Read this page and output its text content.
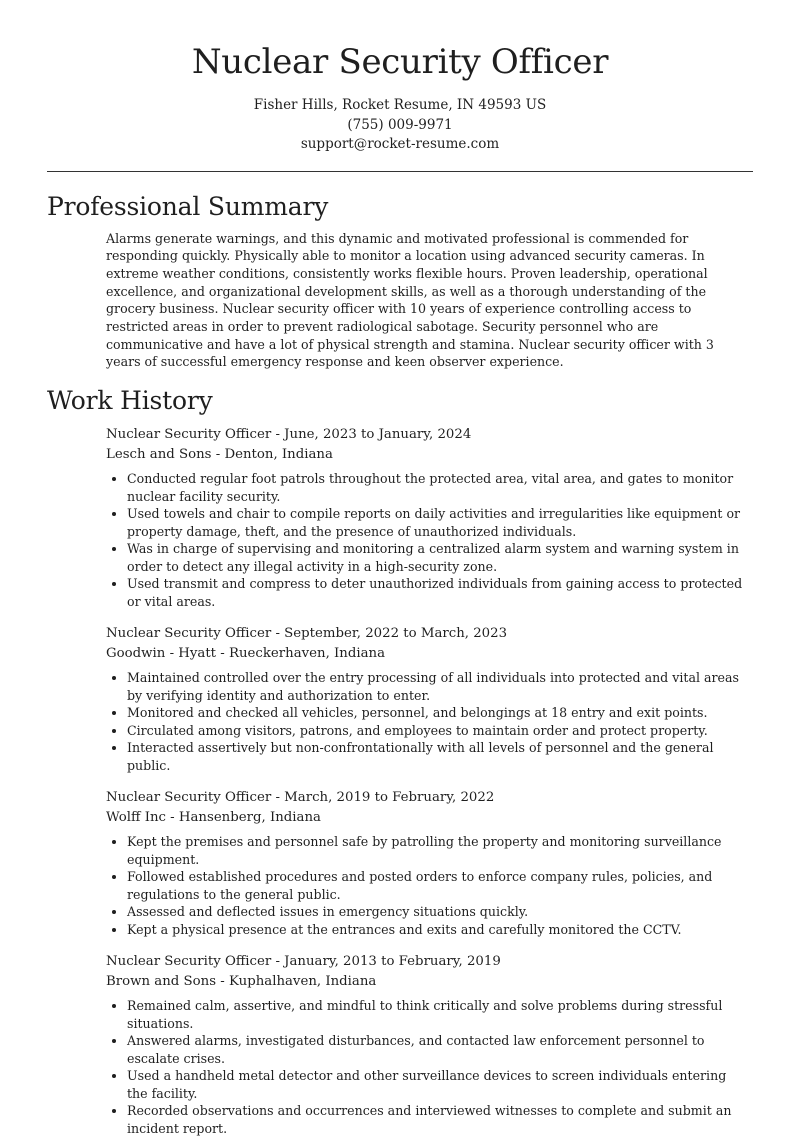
Nuclear Security Officer
Fisher Hills, Rocket Resume, IN 49593 US
(755) 009-9971
support@rocket-resume.com
Professional Summary

Alarms generate warnings, and this dynamic and motivated professional is commended for responding quickly. Physically able to monitor a location using advanced security cameras. In extreme weather conditions, consistently works flexible hours. Proven leadership, operational excellence, and organizational development skills, as well as a thorough understanding of the grocery business. Nuclear security officer with 10 years of experience controlling access to restricted areas in order to prevent radiological sabotage. Security personnel who are communicative and have a lot of physical strength and stamina. Nuclear security officer with 3 years of successful emergency response and keen observer experience.

Work History
Nuclear Security Officer - June, 2023 to January, 2024
Lesch and Sons - Denton, Indiana
• Conducted regular foot patrols throughout the protected area, vital area, and gates to monitor nuclear facility security.
• Used towels and chair to compile reports on daily activities and irregularities like equipment or property damage, theft, and the presence of unauthorized individuals.
• Was in charge of supervising and monitoring a centralized alarm system and warning system in order to detect any illegal activity in a high-security zone.
• Used transmit and compress to deter unauthorized individuals from gaining access to protected or vital areas.
Nuclear Security Officer - September, 2022 to March, 2023
Goodwin - Hyatt - Rueckerhaven, Indiana
• Maintained controlled over the entry processing of all individuals into protected and vital areas by verifying identity and authorization to enter.
• Monitored and checked all vehicles, personnel, and belongings at 18 entry and exit points.
• Circulated among visitors, patrons, and employees to maintain order and protect property.
• Interacted assertively but non-confrontationally with all levels of personnel and the general public.
Nuclear Security Officer - March, 2019 to February, 2022
Wolff Inc - Hansenberg, Indiana
• Kept the premises and personnel safe by patrolling the property and monitoring surveillance equipment.
• Followed established procedures and posted orders to enforce company rules, policies, and regulations to the general public.
• Assessed and deflected issues in emergency situations quickly.
• Kept a physical presence at the entrances and exits and carefully monitored the CCTV.
Nuclear Security Officer - January, 2013 to February, 2019
Brown and Sons - Kuphalhaven, Indiana
• Remained calm, assertive, and mindful to think critically and solve problems during stressful situations.
• Answered alarms, investigated disturbances, and contacted law enforcement personnel to escalate crises.
• Used a handheld metal detector and other surveillance devices to screen individuals entering the facility.
• Recorded observations and occurrences and interviewed witnesses to complete and submit an incident report.
